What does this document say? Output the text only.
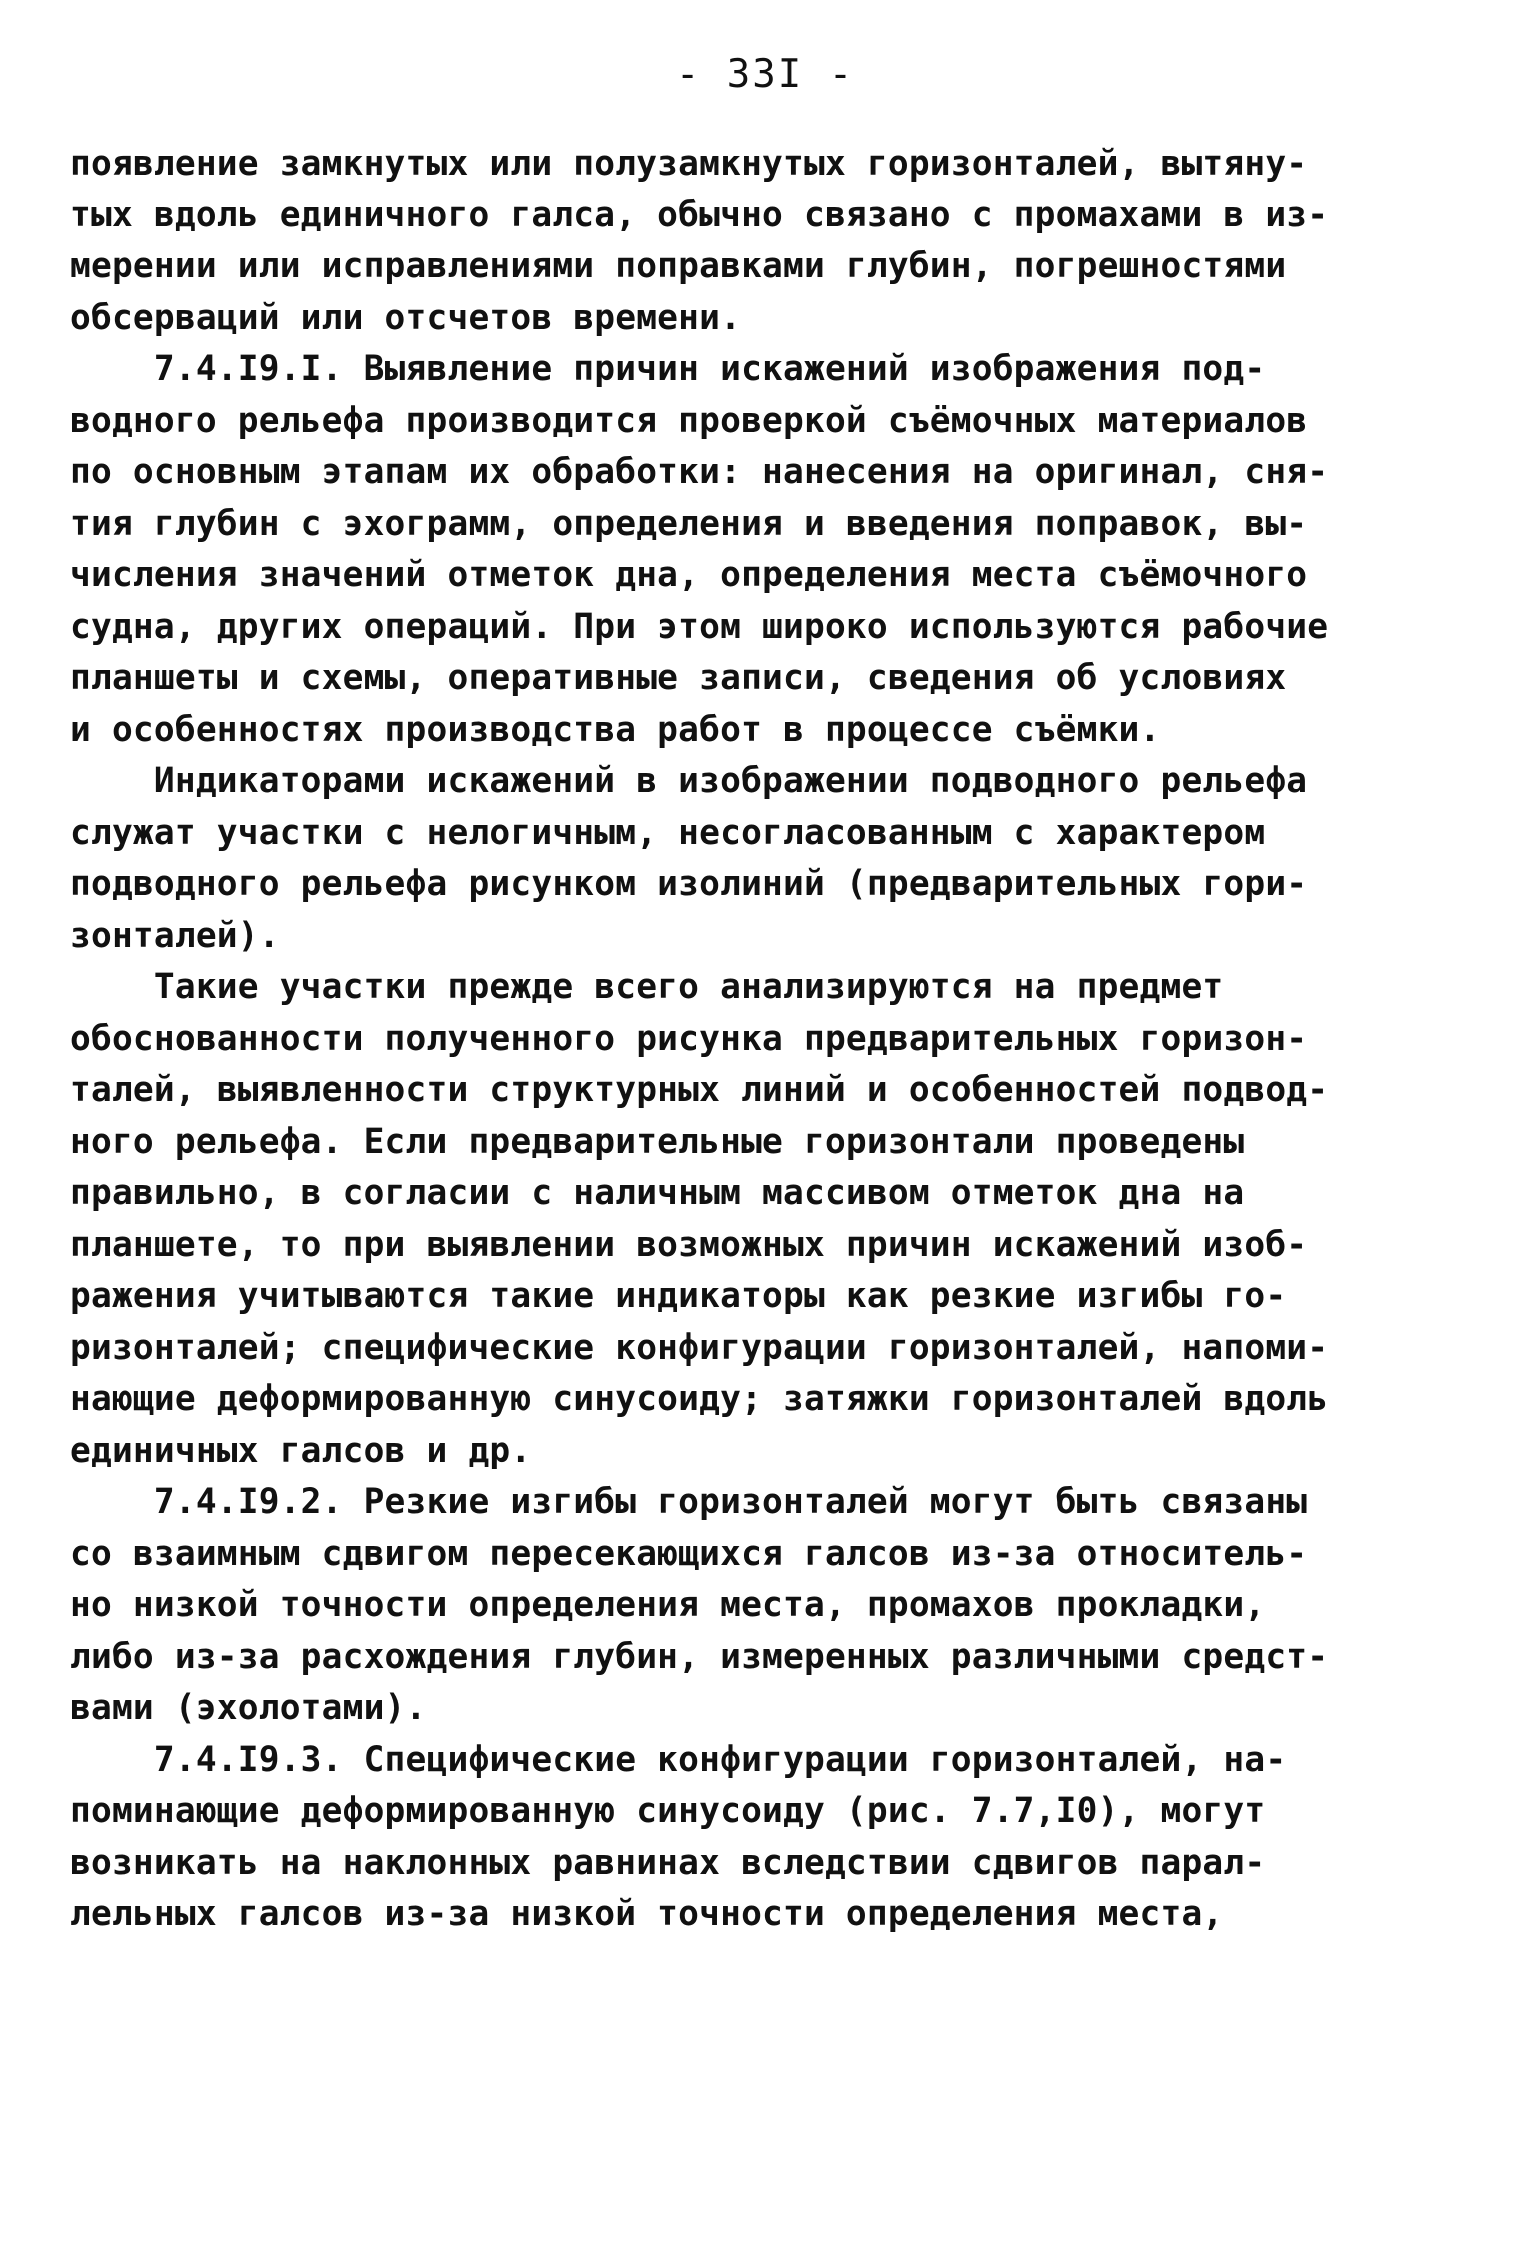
- 33I -
появление замкнутых или полузамкнутых горизонталей, вытяну-
тых вдоль единичного галса, обычно связано с промахами в из-
мерении или исправлениями поправками глубин, погрешностями
обсерваций или отсчетов времени.
7.4.I9.I. Выявление причин искажений изображения под-
водного рельефа производится проверкой съёмочных материалов
по основным этапам их обработки: нанесения на оригинал, сня-
тия глубин с эхограмм, определения и введения поправок, вы-
числения значений отметок дна, определения места съёмочного
судна, других операций. При этом широко используются рабочие
планшеты и схемы, оперативные записи, сведения об условиях
и особенностях производства работ в процессе съёмки.
Индикаторами искажений в изображении подводного рельефа
служат участки с нелогичным, несогласованным с характером
подводного рельефа рисунком изолиний (предварительных гори-
зонталей).
Такие участки прежде всего анализируются на предмет
обоснованности полученного рисунка предварительных горизон-
талей, выявленности структурных линий и особенностей подвод-
ного рельефа. Если предварительные горизонтали проведены
правильно, в согласии с наличным массивом отметок дна на
планшете, то при выявлении возможных причин искажений изоб-
ражения учитываются такие индикаторы как резкие изгибы го-
ризонталей; специфические конфигурации горизонталей, напоми-
нающие деформированную синусоиду; затяжки горизонталей вдоль
единичных галсов и др.
7.4.I9.2. Резкие изгибы горизонталей могут быть связаны
со взаимным сдвигом пересекающихся галсов из-за относитель-
но низкой точности определения места, промахов прокладки,
либо из-за расхождения глубин, измеренных различными средст-
вами (эхолотами).
7.4.I9.3. Специфические конфигурации горизонталей, на-
поминающие деформированную синусоиду (рис. 7.7,I0), могут
возникать на наклонных равнинах вследствии сдвигов парал-
лельных галсов из-за низкой точности определения места,
